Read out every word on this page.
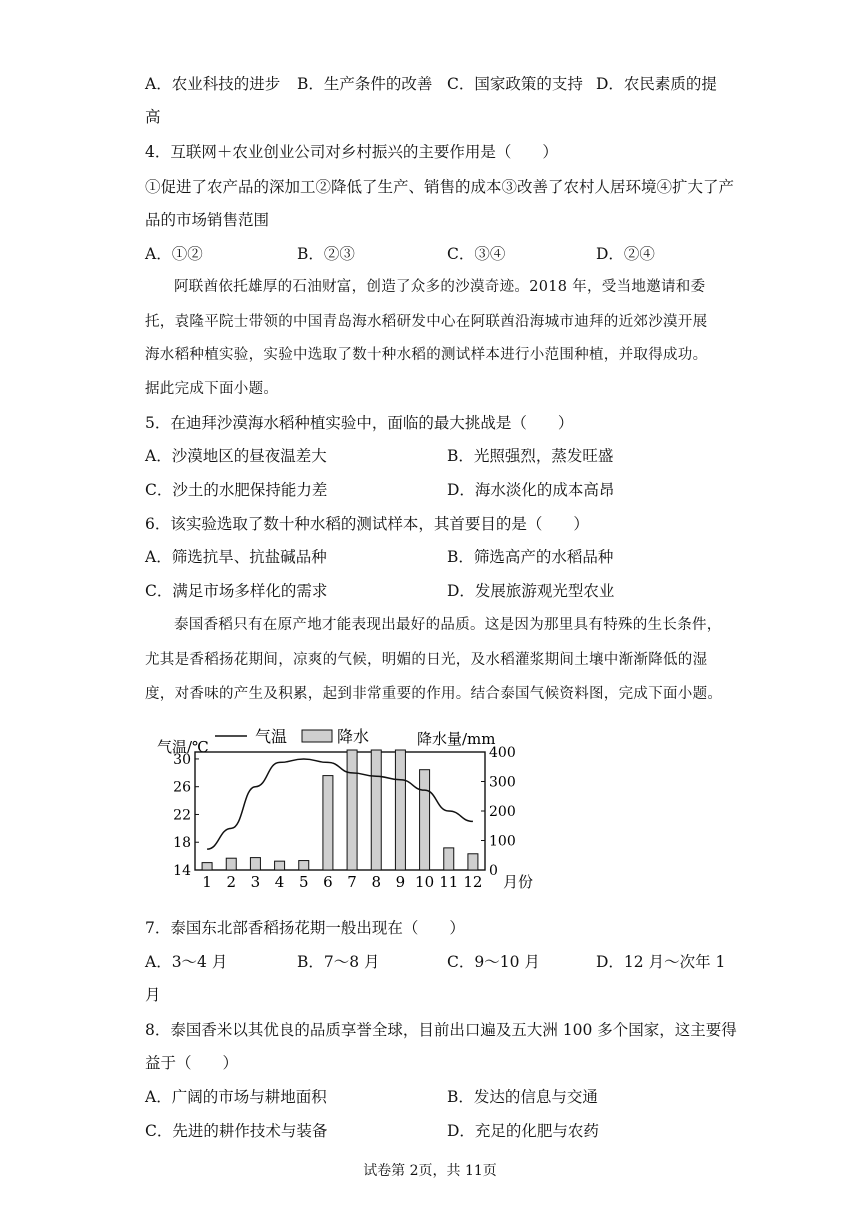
A．农业科技的进步 B．生产条件的改善 C．国家政策的支持 D．农民素质的提
高
4．互联网＋农业创业公司对乡村振兴的主要作用是（　　）
①促进了农产品的深加工②降低了生产、销售的成本③改善了农村人居环境④扩大了产
品的市场销售范围
A．①②	B．②③	C．③④	D．②④
阿联酋依托雄厚的石油财富，创造了众多的沙漠奇迹。2018 年，受当地邀请和委
托，袁隆平院士带领的中国青岛海水稻研发中心在阿联酋沿海城市迪拜的近郊沙漠开展
海水稻种植实验，实验中选取了数十种水稻的测试样本进行小范围种植，并取得成功。
据此完成下面小题。
5．在迪拜沙漠海水稻种植实验中，面临的最大挑战是（　　）
A．沙漠地区的昼夜温差大	B．光照强烈，蒸发旺盛
C．沙土的水肥保持能力差	D．海水淡化的成本高昂
6．该实验选取了数十种水稻的测试样本，其首要目的是（　　）
A．筛选抗旱、抗盐碱品种	B．筛选高产的水稻品种
C．满足市场多样化的需求	D．发展旅游观光型农业
泰国香稻只有在原产地才能表现出最好的品质。这是因为那里具有特殊的生长条件，
尤其是香稻扬花期间，凉爽的气候，明媚的日光，及水稻灌浆期间土壤中渐渐降低的湿
度，对香味的产生及积累，起到非常重要的作用。结合泰国气候资料图，完成下面小题。
气温	降水
气温/℃	降水量/mm
30
26
22
18
14
400
300
200
100
0
1 2 3 4 5 6 7 8 9 10 11 12 月份
7．泰国东北部香稻扬花期一般出现在（　　）
A．3～4 月	B．7～8 月	C．9～10 月	D．12 月～次年 1
月
8．泰国香米以其优良的品质享誉全球，目前出口遍及五大洲 100 多个国家，这主要得
益于（　　）
A．广阔的市场与耕地面积	B．发达的信息与交通
C．先进的耕作技术与装备	D．充足的化肥与农药
试卷第 2页，共 11页
